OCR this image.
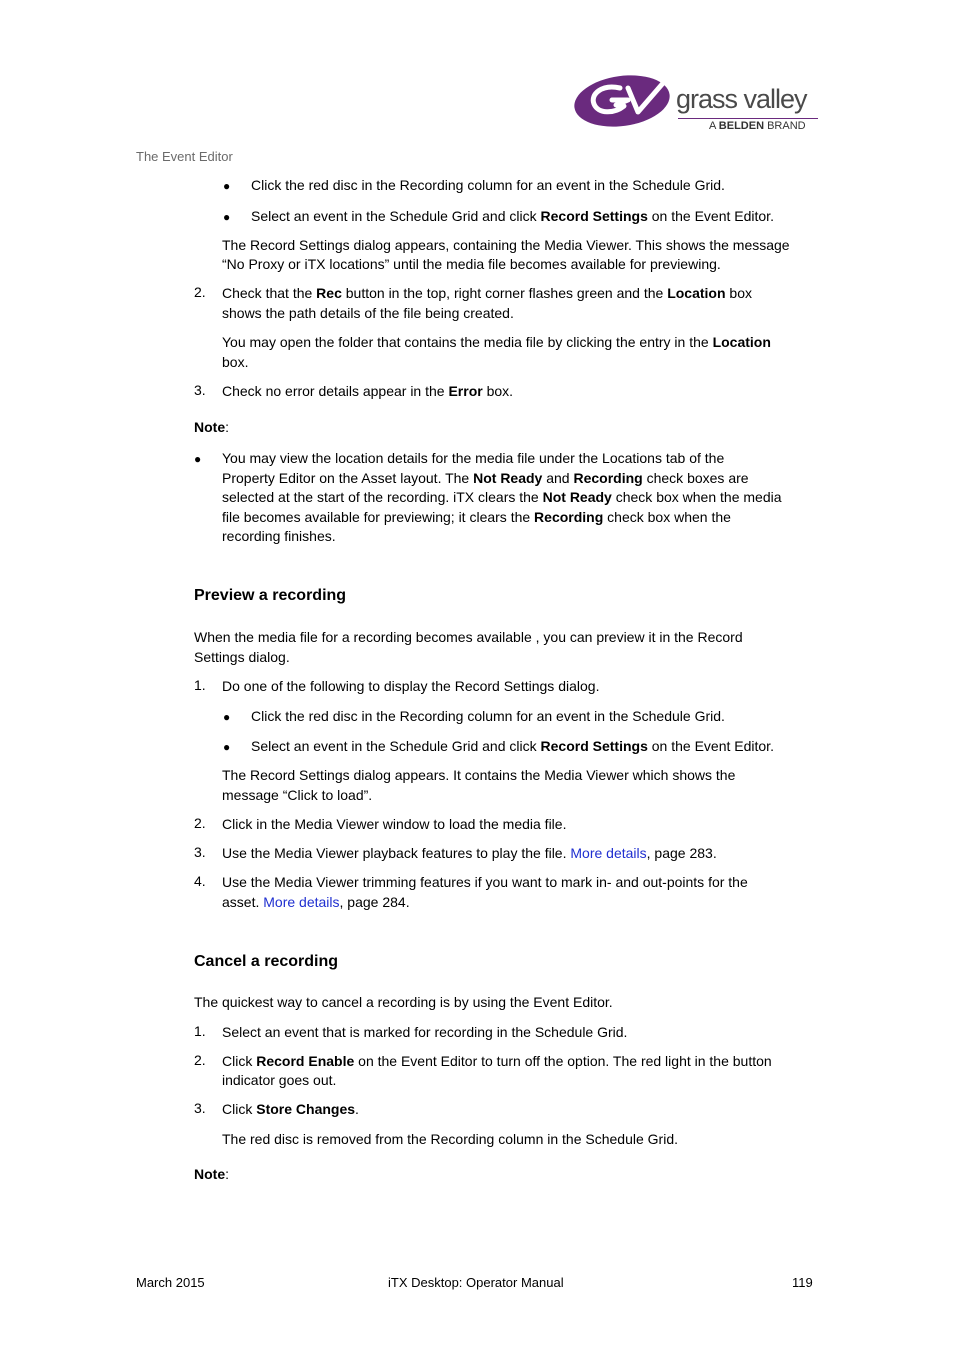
grass valley
A BELDEN BRAND
The Event Editor
● Click the red disc in the Recording column for an event in the Schedule Grid.
● Select an event in the Schedule Grid and click Record Settings on the Event Editor.
The Record Settings dialog appears, containing the Media Viewer. This shows the message
“No Proxy or iTX locations” until the media file becomes available for previewing.
2. Check that the Rec button in the top, right corner flashes green and the Location box
shows the path details of the file being created.
You may open the folder that contains the media file by clicking the entry in the Location
box.
3. Check no error details appear in the Error box.
Note:
● You may view the location details for the media file under the Locations tab of the
Property Editor on the Asset layout. The Not Ready and Recording check boxes are
selected at the start of the recording. iTX clears the Not Ready check box when the media
file becomes available for previewing; it clears the Recording check box when the
recording finishes.
Preview a recording
When the media file for a recording becomes available , you can preview it in the Record
Settings dialog.
1. Do one of the following to display the Record Settings dialog.
● Click the red disc in the Recording column for an event in the Schedule Grid.
● Select an event in the Schedule Grid and click Record Settings on the Event Editor.
The Record Settings dialog appears. It contains the Media Viewer which shows the
message “Click to load”.
2. Click in the Media Viewer window to load the media file.
3. Use the Media Viewer playback features to play the file. More details, page 283.
4. Use the Media Viewer trimming features if you want to mark in- and out-points for the
asset. More details, page 284.
Cancel a recording
The quickest way to cancel a recording is by using the Event Editor.
1. Select an event that is marked for recording in the Schedule Grid.
2. Click Record Enable on the Event Editor to turn off the option. The red light in the button
indicator goes out.
3. Click Store Changes.
The red disc is removed from the Recording column in the Schedule Grid.
Note:
March 2015	iTX Desktop: Operator Manual	119
